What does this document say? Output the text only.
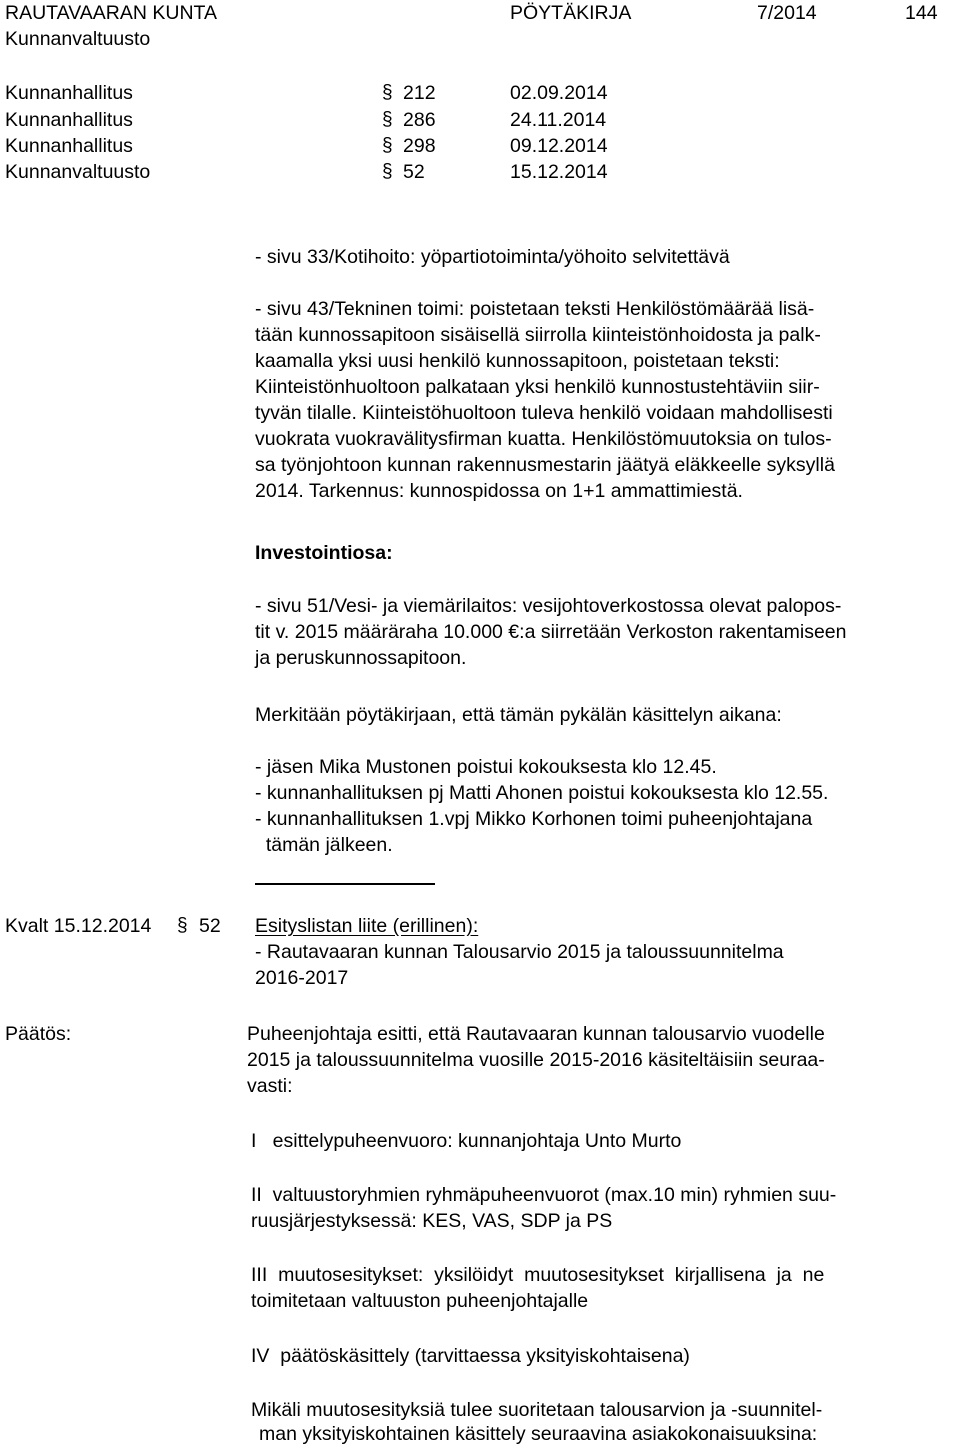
RAUTAVAARAN KUNTA	PÖYTÄKIRJA	7/2014	144
Kunnanvaltuusto
Kunnanhallitus	§ 212	02.09.2014
Kunnanhallitus	§ 286	24.11.2014
Kunnanhallitus	§ 298	09.12.2014
Kunnanvaltuusto	§ 52	15.12.2014
- sivu 33/Kotihoito: yöpartiotoiminta/yöhoito selvitettävä
- sivu 43/Tekninen toimi: poistetaan teksti Henkilöstömäärää lisä-
tään kunnossapitoon sisäisellä siirrolla kiinteistönhoidosta ja palk-
kaamalla yksi uusi henkilö kunnossapitoon, poistetaan teksti:
Kiinteistönhuoltoon palkataan yksi henkilö kunnostustehtäviin siir-
tyvän tilalle. Kiinteistöhuoltoon tuleva henkilö voidaan mahdollisesti
vuokrata vuokravälitysfirman kuatta. Henkilöstömuutoksia on tulos-
sa työnjohtoon kunnan rakennusmestarin jäätyä eläkkeelle syksyllä
2014. Tarkennus: kunnospidossa on 1+1 ammattimiestä.
Investointiosa:
- sivu 51/Vesi- ja viemärilaitos: vesijohtoverkostossa olevat palopos-
tit v. 2015 määräraha 10.000 €:a siirretään Verkoston rakentamiseen
ja peruskunnossapitoon.
Merkitään pöytäkirjaan, että tämän pykälän käsittelyn aikana:
- jäsen Mika Mustonen poistui kokouksesta klo 12.45.
- kunnanhallituksen pj Matti Ahonen poistui kokouksesta klo 12.55.
- kunnanhallituksen 1.vpj Mikko Korhonen toimi puheenjohtajana
tämän jälkeen.
Kvalt 15.12.2014 § 52 Esityslistan liite (erillinen):
- Rautavaaran kunnan Talousarvio 2015 ja taloussuunnitelma
2016-2017
Päätös:	Puheenjohtaja esitti, että Rautavaaran kunnan talousarvio vuodelle
2015 ja taloussuunnitelma vuosille 2015-2016 käsiteltäisiin seuraa-
vasti:
I   esittelypuheenvuoro: kunnanjohtaja Unto Murto
II  valtuustoryhmien ryhmäpuheenvuorot (max.10 min) ryhmien suu-
ruusjärjestyksessä: KES, VAS, SDP ja PS
III  muutosesitykset:  yksilöidyt  muutosesitykset  kirjallisena  ja  ne
toimitetaan valtuuston puheenjohtajalle
IV  päätöskäsittely (tarvittaessa yksityiskohtaisena)
Mikäli muutosesityksiä tulee suoritetaan talousarvion ja -suunnitel-
man yksityiskohtainen käsittely seuraavina asiakokonaisuuksina:
